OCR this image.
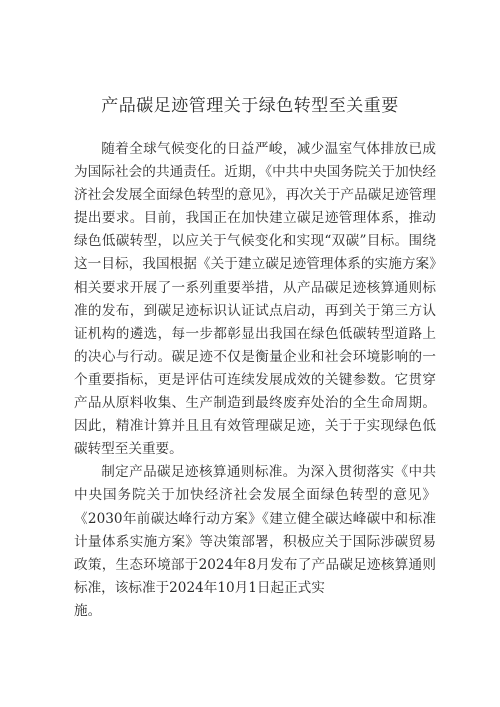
产品碳足迹管理关于绿色转型至关重要

随着全球气候变化的日益严峻，减少温室气体排放已成为国际社会的共通责任。近期，《中共中央国务院关于加快经济社会发展全面绿色转型的意见》，再次关于产品碳足迹管理提出要求。目前，我国正在加快建立碳足迹管理体系，推动绿色低碳转型，以应关于气候变化和实现“双碳”目标。围绕这一目标，我国根据《关于建立碳足迹管理体系的实施方案》相关要求开展了一系列重要举措，从产品碳足迹核算通则标准的发布，到碳足迹标识认证试点启动，再到关于第三方认证机构的遴选，每一步都彰显出我国在绿色低碳转型道路上的决心与行动。碳足迹不仅是衡量企业和社会环境影响的一个重要指标，更是评估可连续发展成效的关键参数。它贯穿产品从原料收集、生产制造到最终废弃处治的全生命周期。因此，精准计算并且且有效管理碳足迹，关于于实现绿色低碳转型至关重要。

制定产品碳足迹核算通则标准。为深入贯彻落实《中共中央国务院关于加快经济社会发展全面绿色转型的意见》《2030年前碳达峰行动方案》《建立健全碳达峰碳中和标准计量体系实施方案》等决策部署，积极应关于国际涉碳贸易政策，生态环境部于2024年8月发布了产品碳足迹核算通则标准，该标准于2024年10月1日起正式实

施。
